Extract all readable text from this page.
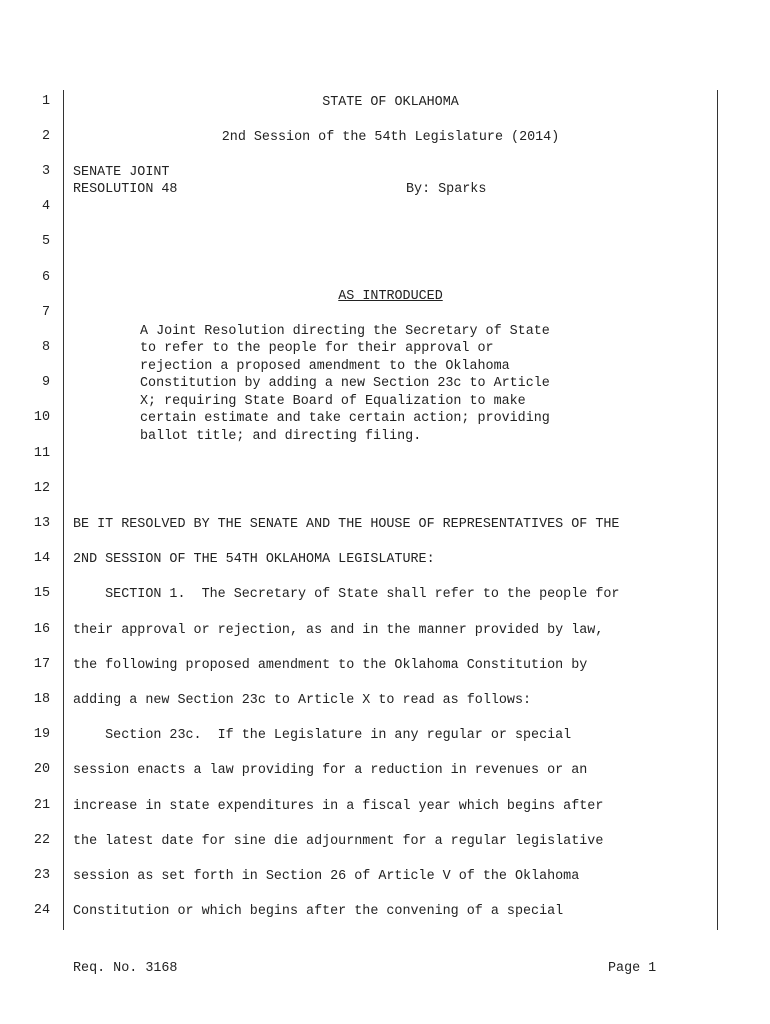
1
2
3
4
5
6
7
8
9
10
11
12
13
14
15
16
17
18
19
20
21
22
23
24
STATE OF OKLAHOMA
2nd Session of the 54th Legislature (2014)
SENATE JOINT
RESOLUTION 48	By: Sparks
AS INTRODUCED
A Joint Resolution directing the Secretary of State
to refer to the people for their approval or
rejection a proposed amendment to the Oklahoma
Constitution by adding a new Section 23c to Article
X; requiring State Board of Equalization to make
certain estimate and take certain action; providing
ballot title; and directing filing.
BE IT RESOLVED BY THE SENATE AND THE HOUSE OF REPRESENTATIVES OF THE
2ND SESSION OF THE 54TH OKLAHOMA LEGISLATURE:
SECTION 1.  The Secretary of State shall refer to the people for
their approval or rejection, as and in the manner provided by law,
the following proposed amendment to the Oklahoma Constitution by
adding a new Section 23c to Article X to read as follows:
Section 23c.  If the Legislature in any regular or special
session enacts a law providing for a reduction in revenues or an
increase in state expenditures in a fiscal year which begins after
the latest date for sine die adjournment for a regular legislative
session as set forth in Section 26 of Article V of the Oklahoma
Constitution or which begins after the convening of a special
Req. No. 3168	Page 1
